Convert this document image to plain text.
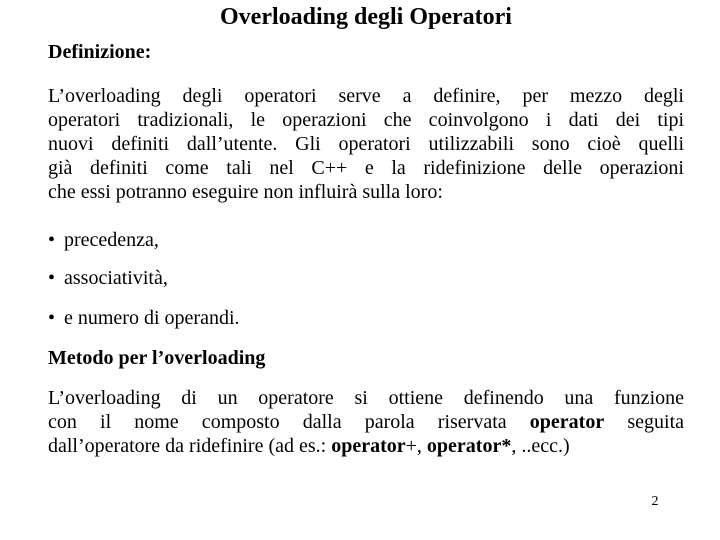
Overloading degli Operatori
Definizione:
L’overloading degli operatori serve a definire, per mezzo degli
operatori tradizionali, le operazioni che coinvolgono i dati dei tipi
nuovi definiti dall’utente. Gli operatori utilizzabili sono cioè quelli
già definiti come tali nel C++ e la ridefinizione delle operazioni
che essi potranno eseguire non influirà sulla loro:
• precedenza,
• associatività,
• e numero di operandi.
Metodo per l’overloading
L’overloading di un operatore si ottiene definendo una funzione
con il nome composto dalla parola riservata operator seguita
dall’operatore da ridefinire (ad es.: operator+, operator*, ..ecc.)
2
